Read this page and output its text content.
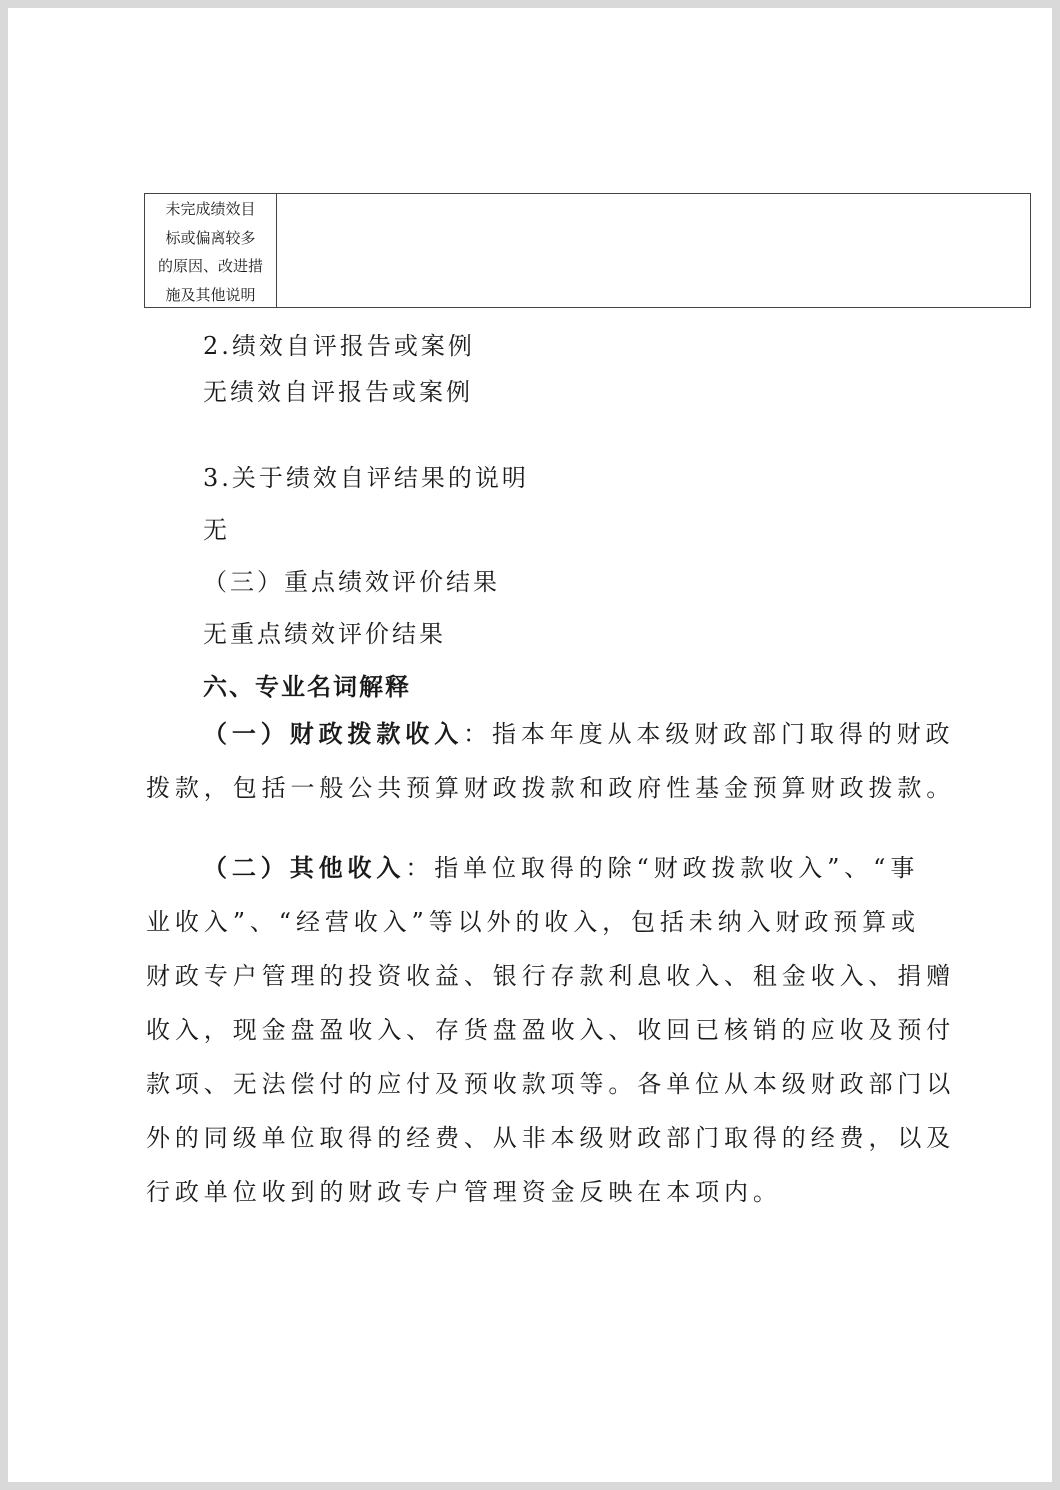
未完成绩效目
标或偏离较多
的原因、改进措
施及其他说明
2.绩效自评报告或案例
无绩效自评报告或案例
3.关于绩效自评结果的说明
无
（三）重点绩效评价结果
无重点绩效评价结果
六、专业名词解释
（一）财政拨款收入：指本年度从本级财政部门取得的财政
拨款，包括一般公共预算财政拨款和政府性基金预算财政拨款。
（二）其他收入：指单位取得的除“财政拨款收入”、“事
业收入”、“经营收入”等以外的收入，包括未纳入财政预算或
财政专户管理的投资收益、银行存款利息收入、租金收入、捐赠
收入，现金盘盈收入、存货盘盈收入、收回已核销的应收及预付
款项、无法偿付的应付及预收款项等。各单位从本级财政部门以
外的同级单位取得的经费、从非本级财政部门取得的经费，以及
行政单位收到的财政专户管理资金反映在本项内。
